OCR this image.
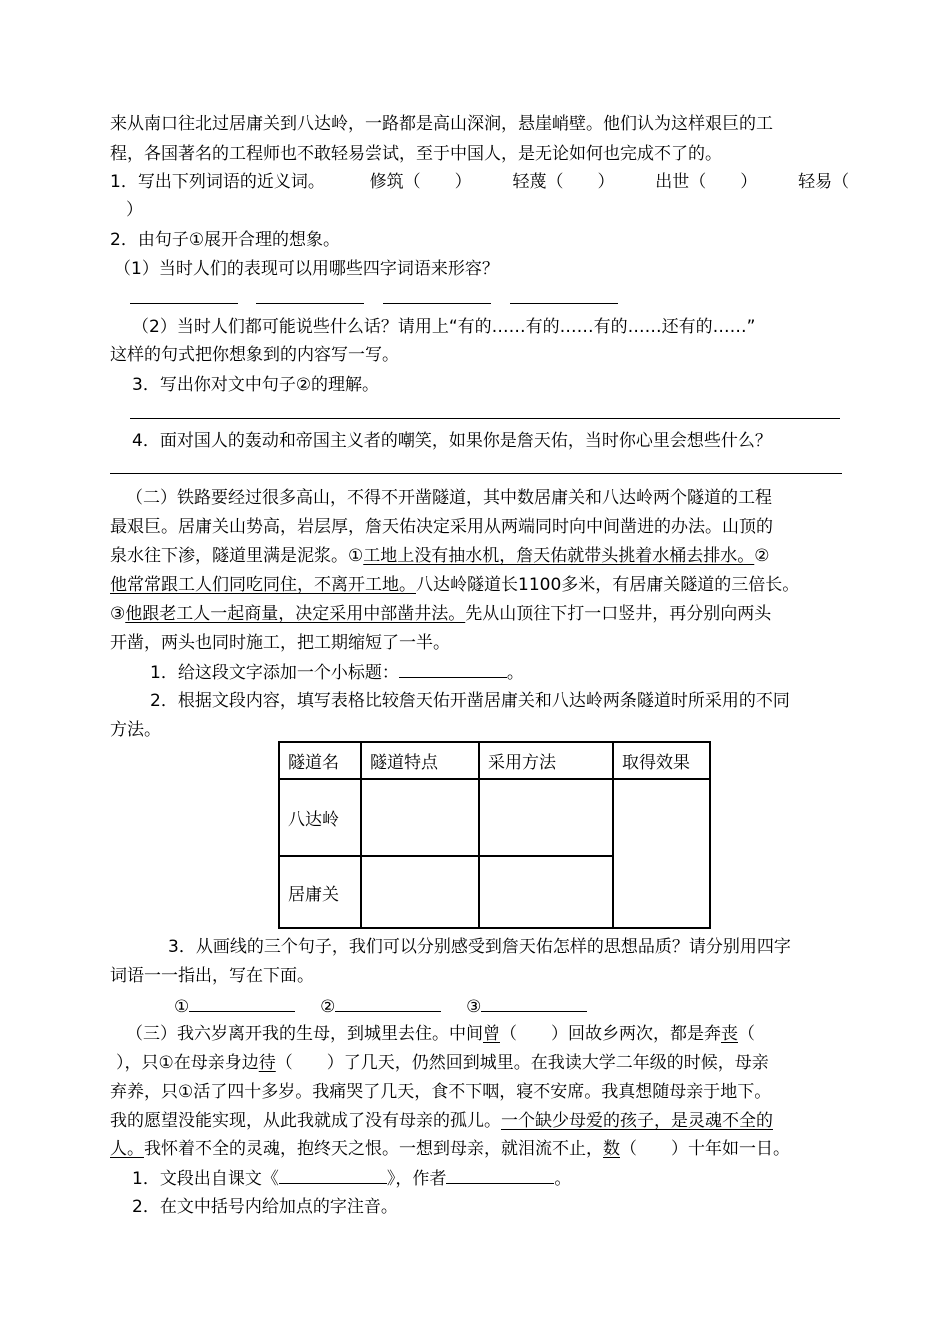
来从南口往北过居庸关到八达岭，一路都是高山深涧，悬崖峭壁。他们认为这样艰巨的工
程，各国著名的工程师也不敢轻易尝试，至于中国人，是无论如何也完成不了的。
1．写出下列词语的近义词。	修筑（　　） 轻蔑（　　） 出世（　　） 轻易（
）
2．由句子①展开合理的想象。
（1）当时人们的表现可以用哪些四字词语来形容？
（2）当时人们都可能说些什么话？请用上“有的……有的……有的……还有的……”
这样的句式把你想象到的内容写一写。
3．写出你对文中句子②的理解。
4．面对国人的轰动和帝国主义者的嘲笑，如果你是詹天佑，当时你心里会想些什么？
（二）铁路要经过很多高山，不得不开凿隧道，其中数居庸关和八达岭两个隧道的工程
最艰巨。居庸关山势高，岩层厚，詹天佑决定采用从两端同时向中间凿进的办法。山顶的
泉水往下渗，隧道里满是泥浆。①工地上没有抽水机，詹天佑就带头挑着水桶去排水。②
他常常跟工人们同吃同住，不离开工地。八达岭隧道长1100多米，有居庸关隧道的三倍长。
③他跟老工人一起商量，决定采用中部凿井法。先从山顶往下打一口竖井，再分别向两头
开凿，两头也同时施工，把工期缩短了一半。
1．给这段文字添加一个小标题：	。
2．根据文段内容，填写表格比较詹天佑开凿居庸关和八达岭两条隧道时所采用的不同
方法。
隧道名	隧道特点	采用方法	取得效果
八达岭			
居庸关			
3．从画线的三个句子，我们可以分别感受到詹天佑怎样的思想品质？请分别用四字
词语一一指出，写在下面。
①	②	③
（三）我六岁离开我的生母，到城里去住。中间曾（　　）回故乡两次，都是奔丧（
），只①在母亲身边待（　　）了几天，仍然回到城里。在我读大学二年级的时候，母亲
弃养，只①活了四十多岁。我痛哭了几天，食不下咽，寝不安席。我真想随母亲于地下。
我的愿望没能实现，从此我就成了没有母亲的孤儿。一个缺少母爱的孩子，是灵魂不全的
人。我怀着不全的灵魂，抱终天之恨。一想到母亲，就泪流不止，数（　　）十年如一日。
1．文段出自课文《	》，作者	。
2．在文中括号内给加点的字注音。
